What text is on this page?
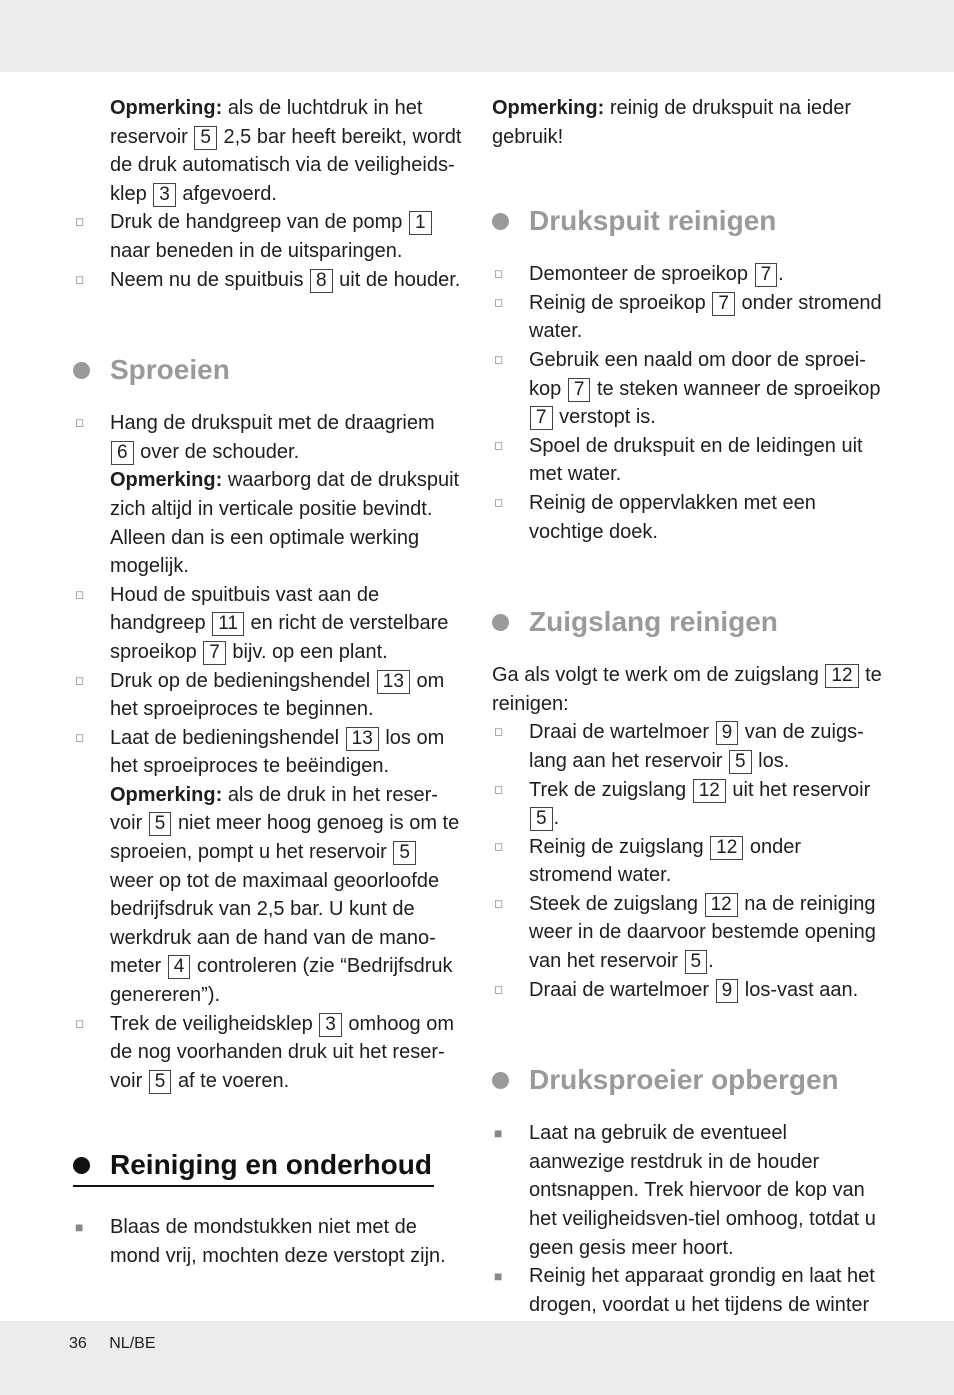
Opmerking: als de luchtdruk in het reservoir 5 2,5 bar heeft bereikt, wordt de druk automatisch via de veiligheids-klep 3 afgevoerd.

◻	Druk de handgreep van de pomp 1 naar beneden in de uitsparingen.
◻	Neem nu de spuitbuis 8 uit de houder.
Sproeien
◻	Hang de drukspuit met de draagriem 6 over de schouder.
Opmerking: waarborg dat de drukspuit zich altijd in verticale positie bevindt. Alleen dan is een optimale werking mogelijk.
◻	Houd de spuitbuis vast aan de handgreep 11 en richt de verstelbare sproeikop 7 bijv. op een plant.
◻	Druk op de bedieningshendel 13 om het sproeiproces te beginnen.
◻	Laat de bedieningshendel 13 los om het sproeiproces te beëindigen.
Opmerking: als de druk in het reser-voir 5 niet meer hoog genoeg is om te sproeien, pompt u het reservoir 5 weer op tot de maximaal geoorloofde bedrijfsdruk van 2,5 bar. U kunt de werkdruk aan de hand van de mano-meter 4 controleren (zie “Bedrijfsdruk genereren”).
◻	Trek de veiligheidsklep 3 omhoog om de nog voorhanden druk uit het reser-voir 5 af te voeren.
Reiniging en onderhoud
■	Blaas de mondstukken niet met de mond vrij, mochten deze verstopt zijn.

Opmerking: reinig de drukspuit na ieder gebruik!

Drukspuit reinigen
◻	Demonteer de sproeikop 7 .
◻	Reinig de sproeikop 7 onder stromend water.
◻	Gebruik een naald om door de sproei-kop 7 te steken wanneer de sproeikop 7 verstopt is.
◻	Spoel de drukspuit en de leidingen uit met water.
◻	Reinig de oppervlakken met een vochtige doek.
Zuigslang reinigen

Ga als volgt te werk om de zuigslang 12 te reinigen:

◻	Draai de wartelmoer 9 van de zuigs-lang aan het reservoir 5 los.
◻	Trek de zuigslang 12 uit het reservoir 5 .
◻	Reinig de zuigslang 12 onder stromend water.
◻	Steek de zuigslang 12 na de reiniging weer in de daarvoor bestemde opening van het reservoir 5 .
◻	Draai de wartelmoer 9 los-vast aan.
Druksproeier opbergen
■	Laat na gebruik de eventueel aanwezige restdruk in de houder ontsnappen. Trek hiervoor de kop van het veiligheidsven-tiel omhoog, totdat u geen gesis meer hoort.
■	Reinig het apparaat grondig en laat het drogen, voordat u het tijdens de winter
36 NL/BE
